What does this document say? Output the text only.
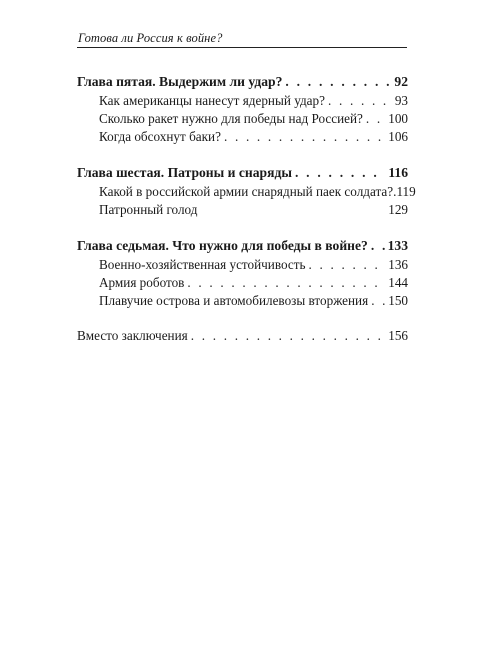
Готова ли Россия к войне?
Глава пятая. Выдержим ли удар? . . .	92
Как американцы нанесут ядерный удар? . . .	93
Сколько ракет нужно для победы над Россией? . . . 100
Когда обсохнут баки? . . .	106
Глава шестая. Патроны и снаряды . . .	116
Какой в российской армии снарядный паек солдата? .119
Патронный голод	129
Глава седьмая. Что нужно для победы в войне? . . . 133
Военно-хозяйственная устойчивость . . .	136
Армия роботов . . .	144
Плавучие острова и автомобилевозы вторжения . . . 150
Вместо заключения . . .	156
